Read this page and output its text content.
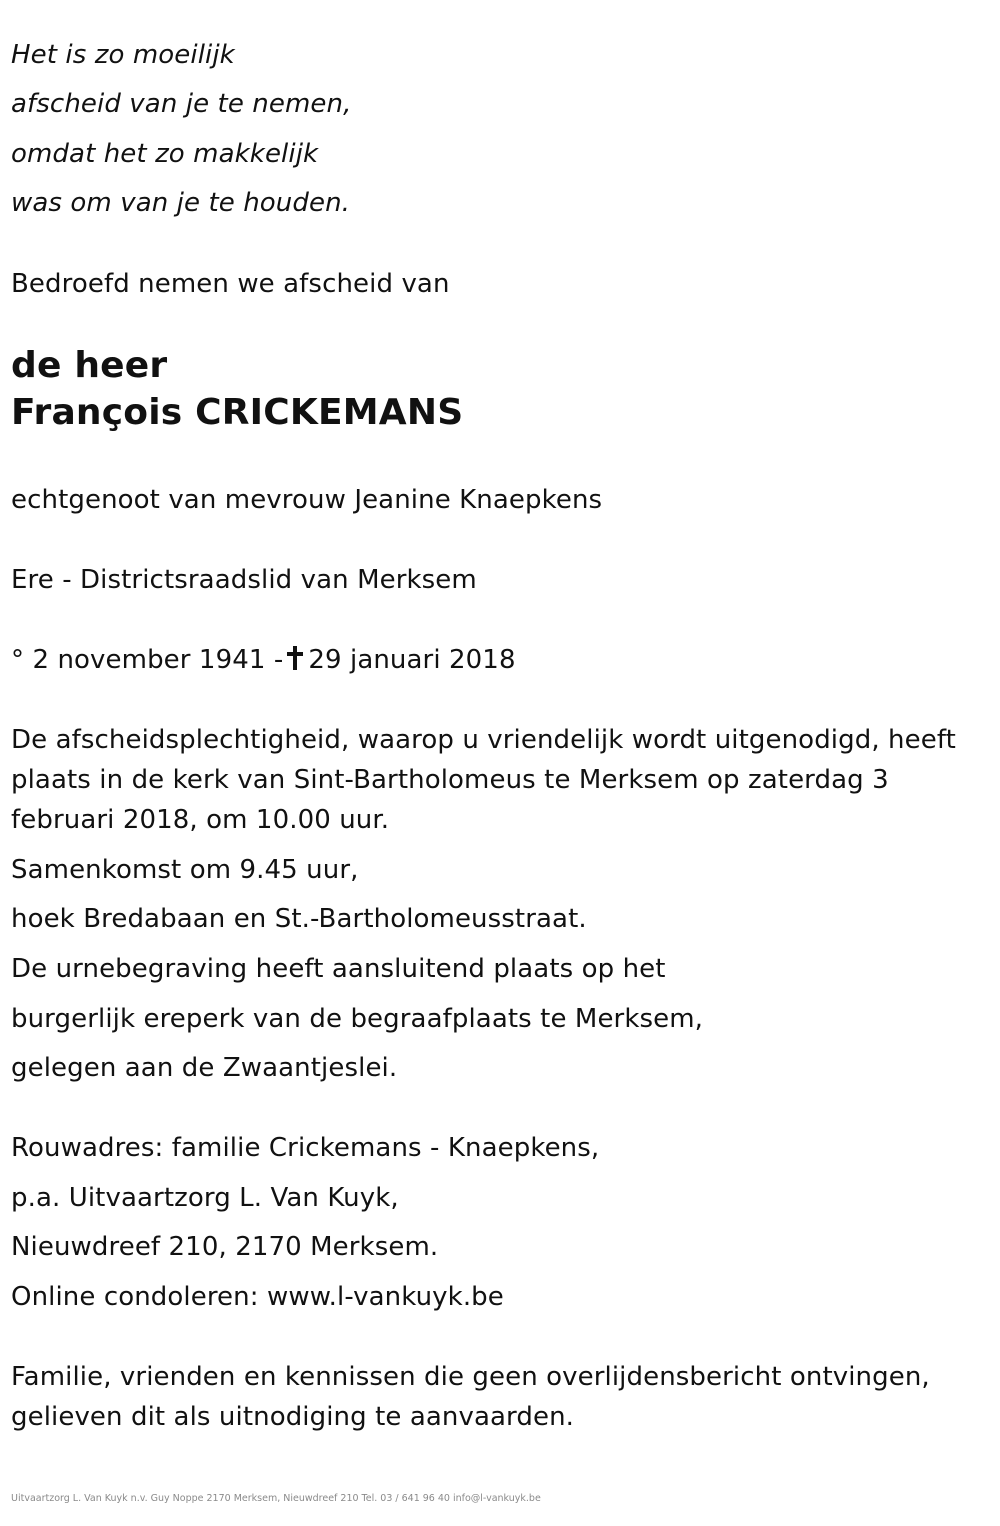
Het is zo moeilijk
afscheid van je te nemen,
omdat het zo makkelijk
was om van je te houden.
Bedroefd nemen we afscheid van
de heer
François CRICKEMANS
echtgenoot van mevrouw Jeanine Knaepkens
Ere - Districtsraadslid van Merksem
° 2 november 1941 - 29 januari 2018
De afscheidsplechtigheid, waarop u vriendelijk wordt uitgenodigd, heeft plaats in de kerk van Sint-Bartholomeus te Merksem op zaterdag 3 februari 2018, om 10.00 uur.
Samenkomst om 9.45 uur,
hoek Bredabaan en St.-Bartholomeusstraat.
De urnebegraving heeft aansluitend plaats op het
burgerlijk ereperk van de begraafplaats te Merksem,
gelegen aan de Zwaantjeslei.
Rouwadres: familie Crickemans - Knaepkens,
p.a. Uitvaartzorg L. Van Kuyk,
Nieuwdreef 210, 2170 Merksem.
Online condoleren: www.l-vankuyk.be
Familie, vrienden en kennissen die geen overlijdensbericht ontvingen, gelieven dit als uitnodiging te aanvaarden.
Uitvaartzorg L. Van Kuyk n.v. Guy Noppe 2170 Merksem, Nieuwdreef 210 Tel. 03 / 641 96 40 info@l-vankuyk.be
